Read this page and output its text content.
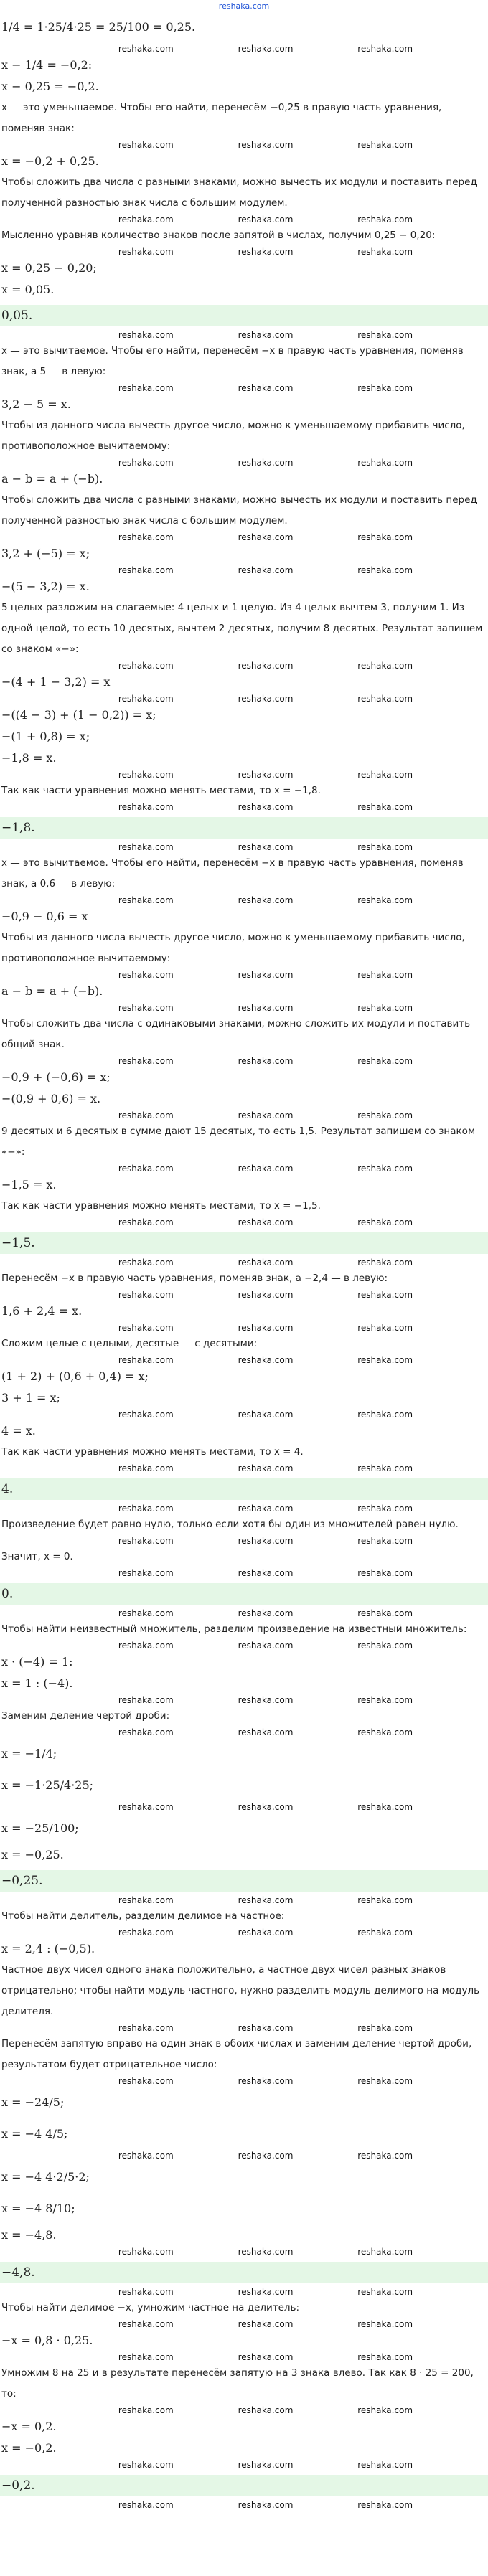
reshaka.com
1/4 = 1·25/4·25 = 25/100 = 0,25.
reshaka.com	reshaka.com	reshaka.com
x − 1/4 = −0,2:
x − 0,25 = −0,2.
x — это уменьшаемое. Чтобы его найти, перенесём −0,25 в правую часть уравнения, поменяв знак:
reshaka.com	reshaka.com	reshaka.com
x = −0,2 + 0,25.
Чтобы сложить два числа с разными знаками, можно вычесть их модули и поставить перед полученной разностью знак числа с большим модулем.
reshaka.com	reshaka.com	reshaka.com
Мысленно уравняв количество знаков после запятой в числах, получим 0,25 − 0,20:
reshaka.com	reshaka.com	reshaka.com
x = 0,25 − 0,20;
x = 0,05.
0,05.
reshaka.com	reshaka.com	reshaka.com
x — это вычитаемое. Чтобы его найти, перенесём −x в правую часть уравнения, поменяв знак, а 5 — в левую:
reshaka.com	reshaka.com	reshaka.com
3,2 − 5 = x.
Чтобы из данного числа вычесть другое число, можно к уменьшаемому прибавить число, противоположное вычитаемому:
reshaka.com	reshaka.com	reshaka.com
a − b = a + (−b).
Чтобы сложить два числа с разными знаками, можно вычесть их модули и поставить перед полученной разностью знак числа с большим модулем.
reshaka.com	reshaka.com	reshaka.com
3,2 + (−5) = x;
reshaka.com	reshaka.com	reshaka.com
−(5 − 3,2) = x.
5 целых разложим на слагаемые: 4 целых и 1 целую. Из 4 целых вычтем 3, получим 1. Из одной целой, то есть 10 десятых, вычтем 2 десятых, получим 8 десятых. Результат запишем со знаком «−»:
reshaka.com	reshaka.com	reshaka.com
−(4 + 1 − 3,2) = x
reshaka.com	reshaka.com	reshaka.com
−((4 − 3) + (1 − 0,2)) = x;
−(1 + 0,8) = x;
−1,8 = x.
reshaka.com	reshaka.com	reshaka.com
Так как части уравнения можно менять местами, то x = −1,8.
reshaka.com	reshaka.com	reshaka.com
−1,8.
reshaka.com	reshaka.com	reshaka.com
x — это вычитаемое. Чтобы его найти, перенесём −x в правую часть уравнения, поменяв знак, а 0,6 — в левую:
reshaka.com	reshaka.com	reshaka.com
−0,9 − 0,6 = x
Чтобы из данного числа вычесть другое число, можно к уменьшаемому прибавить число, противоположное вычитаемому:
reshaka.com	reshaka.com	reshaka.com
a − b = a + (−b).
reshaka.com	reshaka.com	reshaka.com
Чтобы сложить два числа с одинаковыми знаками, можно сложить их модули и поставить общий знак.
reshaka.com	reshaka.com	reshaka.com
−0,9 + (−0,6) = x;
−(0,9 + 0,6) = x.
reshaka.com	reshaka.com	reshaka.com
9 десятых и 6 десятых в сумме дают 15 десятых, то есть 1,5. Результат запишем со знаком «−»:
reshaka.com	reshaka.com	reshaka.com
−1,5 = x.
Так как части уравнения можно менять местами, то x = −1,5.
reshaka.com	reshaka.com	reshaka.com
−1,5.
reshaka.com	reshaka.com	reshaka.com
Перенесём −x в правую часть уравнения, поменяв знак, а −2,4 — в левую:
reshaka.com	reshaka.com	reshaka.com
1,6 + 2,4 = x.
reshaka.com	reshaka.com	reshaka.com
Сложим целые с целыми, десятые — с десятыми:
reshaka.com	reshaka.com	reshaka.com
(1 + 2) + (0,6 + 0,4) = x;
3 + 1 = x;
reshaka.com	reshaka.com	reshaka.com
4 = x.
Так как части уравнения можно менять местами, то x = 4.
reshaka.com	reshaka.com	reshaka.com
4.
reshaka.com	reshaka.com	reshaka.com
Произведение будет равно нулю, только если хотя бы один из множителей равен нулю.
reshaka.com	reshaka.com	reshaka.com
Значит, x = 0.
reshaka.com	reshaka.com	reshaka.com
0.
reshaka.com	reshaka.com	reshaka.com
Чтобы найти неизвестный множитель, разделим произведение на известный множитель:
reshaka.com	reshaka.com	reshaka.com
x · (−4) = 1:
x = 1 : (−4).
reshaka.com	reshaka.com	reshaka.com
Заменим деление чертой дроби:
reshaka.com	reshaka.com	reshaka.com
x = −1/4;
x = −1·25/4·25;
reshaka.com	reshaka.com	reshaka.com
x = −25/100;
x = −0,25.
−0,25.
reshaka.com	reshaka.com	reshaka.com
Чтобы найти делитель, разделим делимое на частное:
reshaka.com	reshaka.com	reshaka.com
x = 2,4 : (−0,5).
Частное двух чисел одного знака положительно, а частное двух чисел разных знаков отрицательно; чтобы найти модуль частного, нужно разделить модуль делимого на модуль делителя.
reshaka.com	reshaka.com	reshaka.com
Перенесём запятую вправо на один знак в обоих числах и заменим деление чертой дроби, результатом будет отрицательное число:
reshaka.com	reshaka.com	reshaka.com
x = −24/5;
x = −4 4/5;
reshaka.com	reshaka.com	reshaka.com
x = −4 4·2/5·2;
x = −4 8/10;
x = −4,8.
reshaka.com	reshaka.com	reshaka.com
−4,8.
reshaka.com	reshaka.com	reshaka.com
Чтобы найти делимое −x, умножим частное на делитель:
reshaka.com	reshaka.com	reshaka.com
−x = 0,8 · 0,25.
reshaka.com	reshaka.com	reshaka.com
Умножим 8 на 25 и в результате перенесём запятую на 3 знака влево. Так как 8 · 25 = 200, то:
reshaka.com	reshaka.com	reshaka.com
−x = 0,2.
x = −0,2.
reshaka.com	reshaka.com	reshaka.com
−0,2.
reshaka.com	reshaka.com	reshaka.com
